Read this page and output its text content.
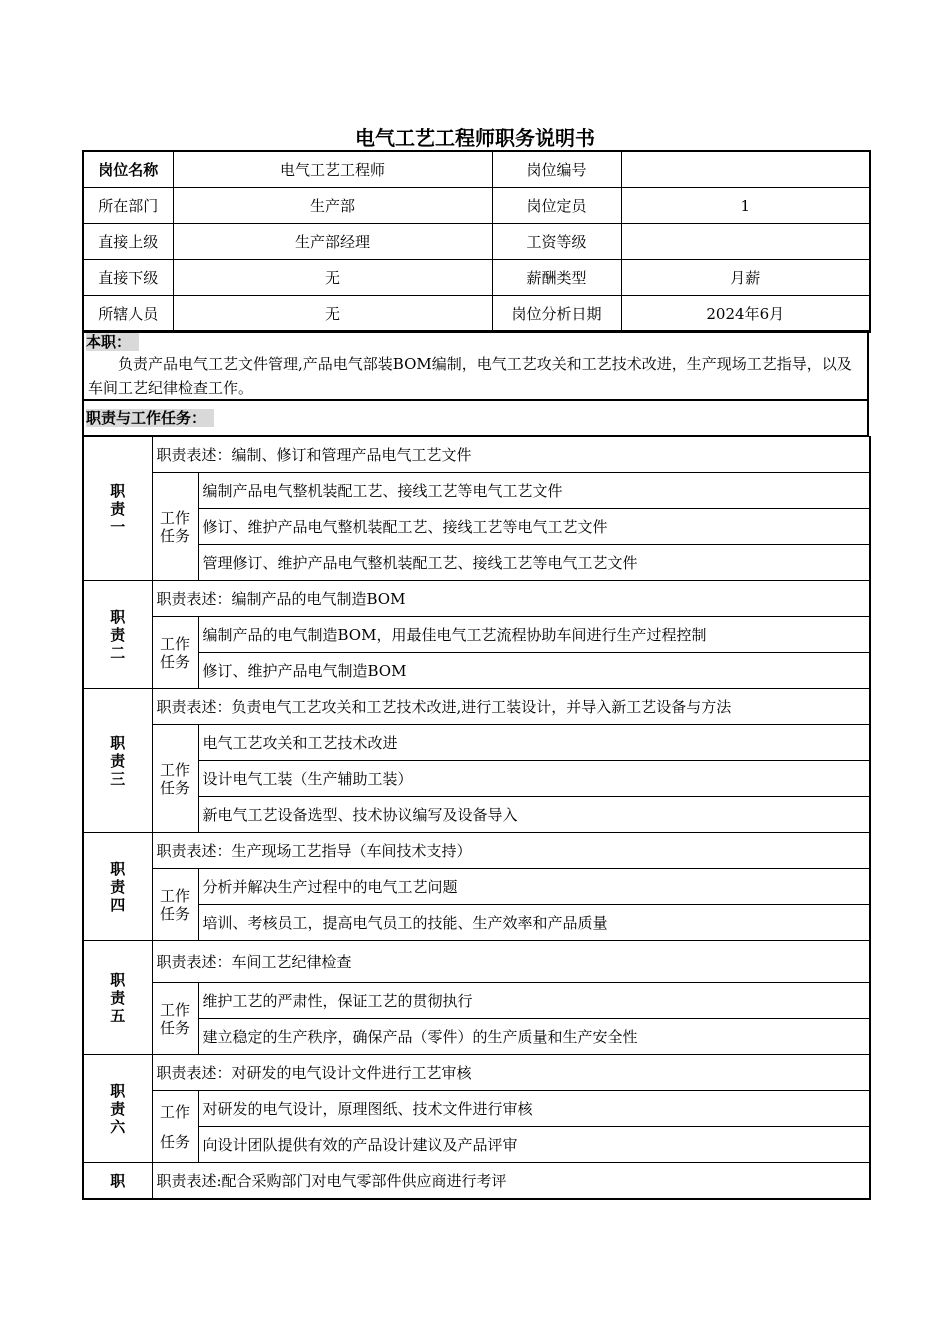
电气工艺工程师职务说明书
岗位名称	电气工艺工程师	岗位编号	
所在部门	生产部	岗位定员	1
直接上级	生产部经理	工资等级	
直接下级	无	薪酬类型	月薪
所辖人员	无	岗位分析日期	2024年6月
本职：
负责产品电气工艺文件管理,产品电气部装BOM编制，电气工艺攻关和工艺技术改进，生产现场工艺指导，以及车间工艺纪律检查工作。
职责与工作任务：
职责一	职责表述：编制、修订和管理产品电气工艺文件	
	工作任务	编制产品电气整机装配工艺、接线工艺等电气工艺文件
		修订、维护产品电气整机装配工艺、接线工艺等电气工艺文件
		管理修订、维护产品电气整机装配工艺、接线工艺等电气工艺文件
职责二	职责表述：编制产品的电气制造BOM	
	工作任务	编制产品的电气制造BOM，用最佳电气工艺流程协助车间进行生产过程控制
		修订、维护产品电气制造BOM
职责三	职责表述：负责电气工艺攻关和工艺技术改进,进行工装设计，并导入新工艺设备与方法	
	工作任务	电气工艺攻关和工艺技术改进
		设计电气工装（生产辅助工装）
		新电气工艺设备选型、技术协议编写及设备导入
职责四	职责表述：生产现场工艺指导（车间技术支持）	
	工作任务	分析并解决生产过程中的电气工艺问题
		培训、考核员工，提高电气员工的技能、生产效率和产品质量
职责五	职责表述：车间工艺纪律检查	
	工作任务	维护工艺的严肃性，保证工艺的贯彻执行
		建立稳定的生产秩序，确保产品（零件）的生产质量和生产安全性
职责六	职责表述：对研发的电气设计文件进行工艺审核	
	工作任务	对研发的电气设计，原理图纸、技术文件进行审核
		向设计团队提供有效的产品设计建议及产品评审
职	职责表述:配合采购部门对电气零部件供应商进行考评	
